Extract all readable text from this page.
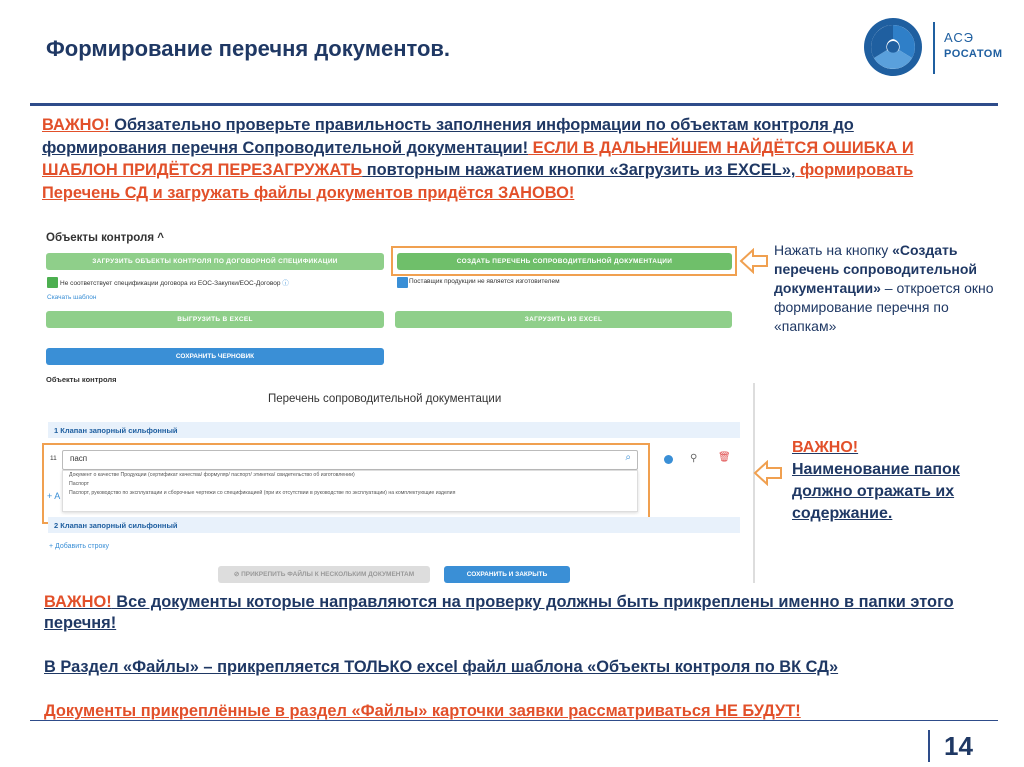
Формирование перечня документов.	АСЭ
РОСАТОМ
ВАЖНО! Обязательно проверьте правильность заполнения информации по объектам контроля до формирования перечня Сопроводительной документации! ЕСЛИ В ДАЛЬНЕЙШЕМ НАЙДЁТСЯ ОШИБКА И ШАБЛОН ПРИДЁТСЯ ПЕРЕЗАГРУЖАТЬ повторным нажатием кнопки «Загрузить из EXCEL», формировать Перечень СД и загружать файлы документов придётся ЗАНОВО!
Объекты контроля ^
ЗАГРУЗИТЬ ОБЪЕКТЫ КОНТРОЛЯ ПО ДОГОВОРНОЙ СПЕЦИФИКАЦИИ	СОЗДАТЬ ПЕРЕЧЕНЬ СОПРОВОДИТЕЛЬНОЙ ДОКУМЕНТАЦИИ
Не соответствует спецификации договора из ЕОС-Закупки/ЕОС-Договор ⓘ	Поставщик продукции не является изготовителем
Скачать шаблон
ВЫГРУЗИТЬ В EXCEL	ЗАГРУЗИТЬ ИЗ EXCEL
СОХРАНИТЬ ЧЕРНОВИК
Объекты контроля
Нажать на кнопку «Создать перечень сопроводительной документации» – откроется окно формирование перечня по «папкам»
Перечень сопроводительной документации
1 Клапан запорный сильфонный
11 пасп	⌕
Документ о качестве Продукции (сертификат качества/ формуляр/ паспорт/ этикетка/ свидетельство об изготовлении)
Паспорт
Паспорт, руководство по эксплуатации и сборочные чертежи со спецификацией (при их отсутствии в руководстве по эксплуатации) на комплектующие изделия
+ A
⚲ 🗑
2 Клапан запорный сильфонный
+ Добавить строку
⊘ ПРИКРЕПИТЬ ФАЙЛЫ К НЕСКОЛЬКИМ ДОКУМЕНТАМ	СОХРАНИТЬ И ЗАКРЫТЬ
ВАЖНО!
Наименование папок должно отражать их содержание.
ВАЖНО! Все документы которые направляются на проверку должны быть прикреплены именно в папки этого перечня!
В Раздел «Файлы» – прикрепляется ТОЛЬКО excel файл шаблона «Объекты контроля по ВК СД»
Документы прикреплённые в раздел «Файлы» карточки заявки рассматриваться НЕ БУДУТ!
14
